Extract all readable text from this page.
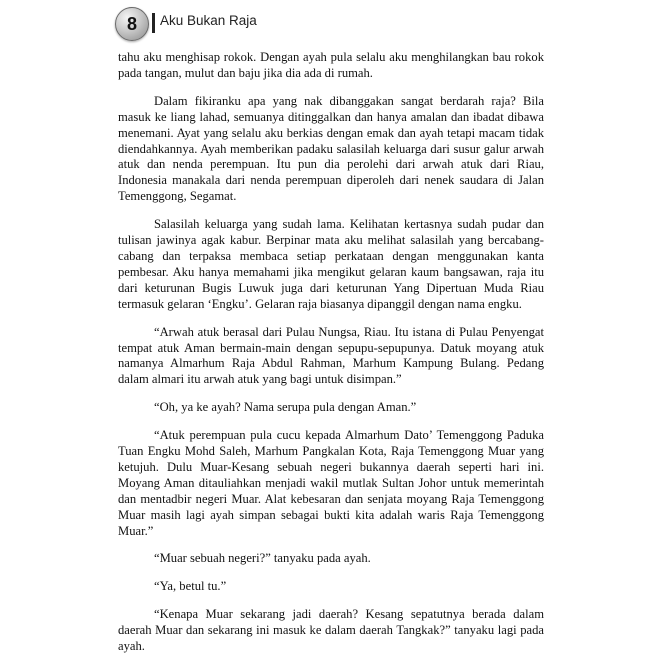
8 Aku Bukan Raja

tahu aku menghisap rokok. Dengan ayah pula selalu aku menghilangkan bau rokok pada tangan, mulut dan baju jika dia ada di rumah.

Dalam fikiranku apa yang nak dibanggakan sangat berdarah raja? Bila masuk ke liang lahad, semuanya ditinggalkan dan hanya amalan dan ibadat dibawa menemani. Ayat yang selalu aku berkias dengan emak dan ayah tetapi macam tidak diendahkannya. Ayah memberikan padaku salasilah keluarga dari susur galur arwah atuk dan nenda perempuan. Itu pun dia perolehi dari arwah atuk dari Riau, Indonesia manakala dari nenda perempuan diperoleh dari nenek saudara di Jalan Temenggong, Segamat.

Salasilah keluarga yang sudah lama. Kelihatan kertasnya sudah pudar dan tulisan jawinya agak kabur. Berpinar mata aku melihat salasilah yang bercabang-cabang dan terpaksa membaca setiap perkataan dengan menggunakan kanta pembesar. Aku hanya memahami jika mengikut gelaran kaum bangsawan, raja itu dari keturunan Bugis Luwuk juga dari keturunan Yang Dipertuan Muda Riau termasuk gelaran ‘Engku’. Gelaran raja biasanya dipanggil dengan nama engku.

“Arwah atuk berasal dari Pulau Nungsa, Riau. Itu istana di Pulau Penyengat tempat atuk Aman bermain-main dengan sepupu-sepupunya. Datuk moyang atuk namanya Almarhum Raja Abdul Rahman, Marhum Kampung Bulang. Pedang dalam almari itu arwah atuk yang bagi untuk disimpan.”

“Oh, ya ke ayah? Nama serupa pula dengan Aman.”

“Atuk perempuan pula cucu kepada Almarhum Dato’ Temenggong Paduka Tuan Engku Mohd Saleh, Marhum Pangkalan Kota, Raja Temenggong Muar yang ketujuh. Dulu Muar-Kesang sebuah negeri bukannya daerah seperti hari ini. Moyang Aman ditauliahkan menjadi wakil mutlak Sultan Johor untuk memerintah dan mentadbir negeri Muar. Alat kebesaran dan senjata moyang Raja Temenggong Muar masih lagi ayah simpan sebagai bukti kita adalah waris Raja Temenggong Muar.”

“Muar sebuah negeri?” tanyaku pada ayah.

“Ya, betul tu.”

“Kenapa Muar sekarang jadi daerah? Kesang sepatutnya berada dalam daerah Muar dan sekarang ini masuk ke dalam daerah Tangkak?” tanyaku lagi pada ayah.
